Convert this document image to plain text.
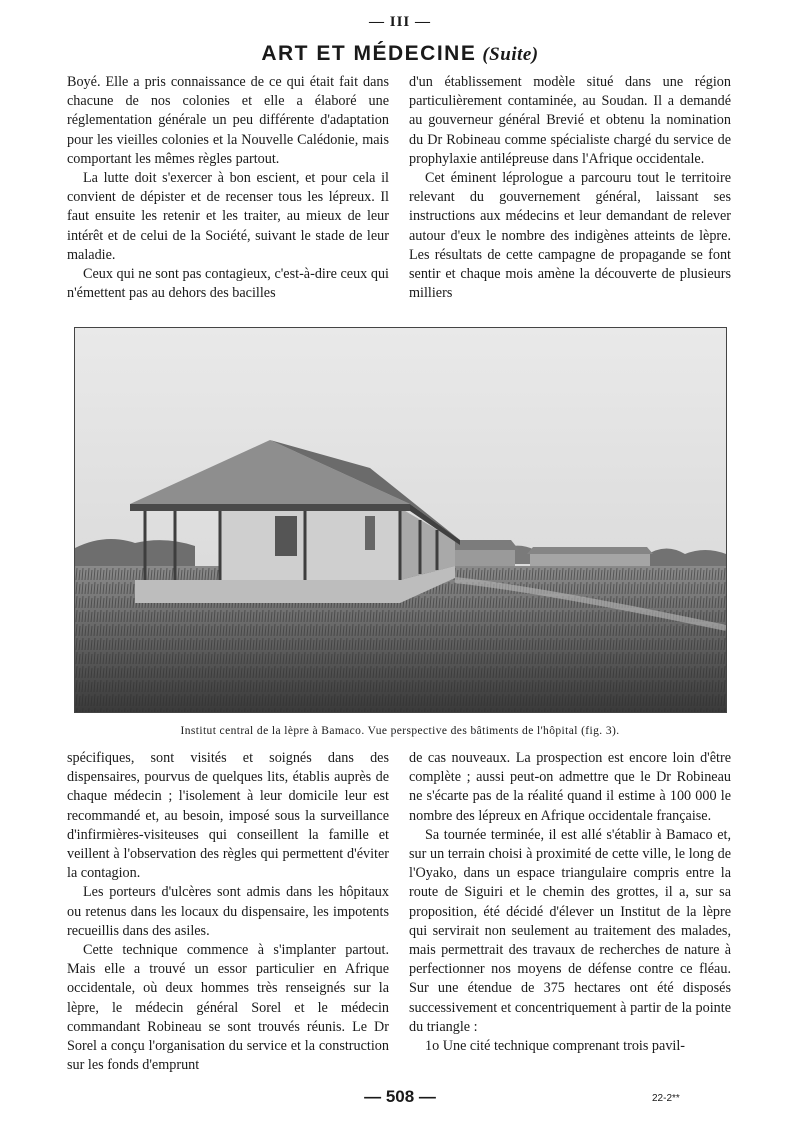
— III —
ART ET MÉDECINE (Suite)

Boyé. Elle a pris connaissance de ce qui était fait dans chacune de nos colonies et elle a élaboré une réglementation générale un peu différente d'adaptation pour les vieilles colonies et la Nouvelle Calédonie, mais comportant les mêmes règles partout.

La lutte doit s'exercer à bon escient, et pour cela il convient de dépister et de recenser tous les lépreux. Il faut ensuite les retenir et les traiter, au mieux de leur intérêt et de celui de la Société, suivant le stade de leur maladie.

Ceux qui ne sont pas contagieux, c'est-à-dire ceux qui n'émettent pas au dehors des bacilles

d'un établissement modèle situé dans une région particulièrement contaminée, au Soudan. Il a demandé au gouverneur général Brevié et obtenu la nomination du Dr Robineau comme spécialiste chargé du service de prophylaxie antilépreuse dans l'Afrique occidentale.

Cet éminent léprologue a parcouru tout le territoire relevant du gouvernement général, laissant ses instructions aux médecins et leur demandant de relever autour d'eux le nombre des indigènes atteints de lèpre. Les résultats de cette campagne de propagande se font sentir et chaque mois amène la découverte de plusieurs milliers

Institut central de la lèpre à Bamaco. Vue perspective des bâtiments de l'hôpital (fig. 3).

spécifiques, sont visités et soignés dans des dispensaires, pourvus de quelques lits, établis auprès de chaque médecin ; l'isolement à leur domicile leur est recommandé et, au besoin, imposé sous la surveillance d'infirmières-visiteuses qui conseillent la famille et veillent à l'observation des règles qui permettent d'éviter la contagion.

Les porteurs d'ulcères sont admis dans les hôpitaux ou retenus dans les locaux du dispensaire, les impotents recueillis dans des asiles.

Cette technique commence à s'implanter partout. Mais elle a trouvé un essor particulier en Afrique occidentale, où deux hommes très renseignés sur la lèpre, le médecin général Sorel et le médecin commandant Robineau se sont trouvés réunis. Le Dr Sorel a conçu l'organisation du service et la construction sur les fonds d'emprunt

de cas nouveaux. La prospection est encore loin d'être complète ; aussi peut-on admettre que le Dr Robineau ne s'écarte pas de la réalité quand il estime à 100 000 le nombre des lépreux en Afrique occidentale française.

Sa tournée terminée, il est allé s'établir à Bamaco et, sur un terrain choisi à proximité de cette ville, le long de l'Oyako, dans un espace triangulaire compris entre la route de Siguiri et le chemin des grottes, il a, sur sa proposition, été décidé d'élever un Institut de la lèpre qui servirait non seulement au traitement des malades, mais permettrait des travaux de recherches de nature à perfectionner nos moyens de défense contre ce fléau. Sur une étendue de 375 hectares ont été disposés successivement et concentriquement à partir de la pointe du triangle :

1o Une cité technique comprenant trois pavil-

— 508 —	22-2**
